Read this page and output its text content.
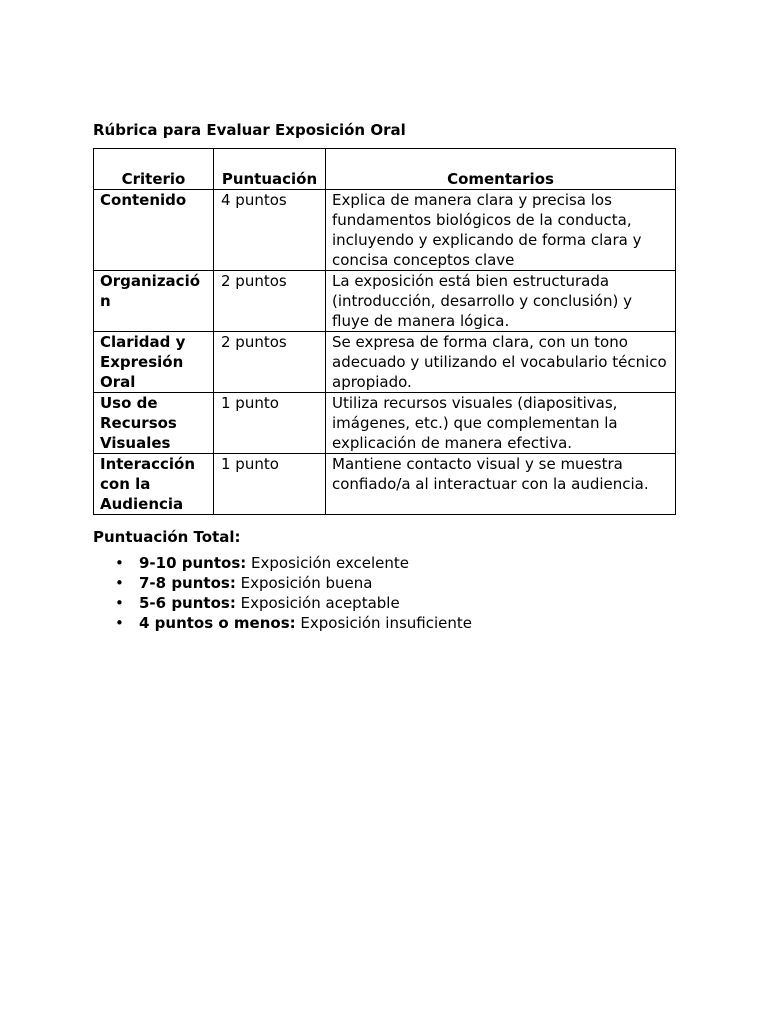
Rúbrica para Evaluar Exposición Oral
Criterio	Puntuación	Comentarios
Contenido	4 puntos	Explica de manera clara y precisa los fundamentos biológicos de la conducta, incluyendo y explicando de forma clara y concisa conceptos clave
Organización	2 puntos	La exposición está bien estructurada (introducción, desarrollo y conclusión) y fluye de manera lógica.
Claridad y Expresión Oral	2 puntos	Se expresa de forma clara, con un tono adecuado y utilizando el vocabulario técnico apropiado.
Uso de Recursos Visuales	1 punto	Utiliza recursos visuales (diapositivas, imágenes, etc.) que complementan la explicación de manera efectiva.
Interacción con la Audiencia	1 punto	Mantiene contacto visual y se muestra confiado/a al interactuar con la audiencia.
Puntuación Total:
• 9-10 puntos: Exposición excelente
• 7-8 puntos: Exposición buena
• 5-6 puntos: Exposición aceptable
• 4 puntos o menos: Exposición insuficiente
